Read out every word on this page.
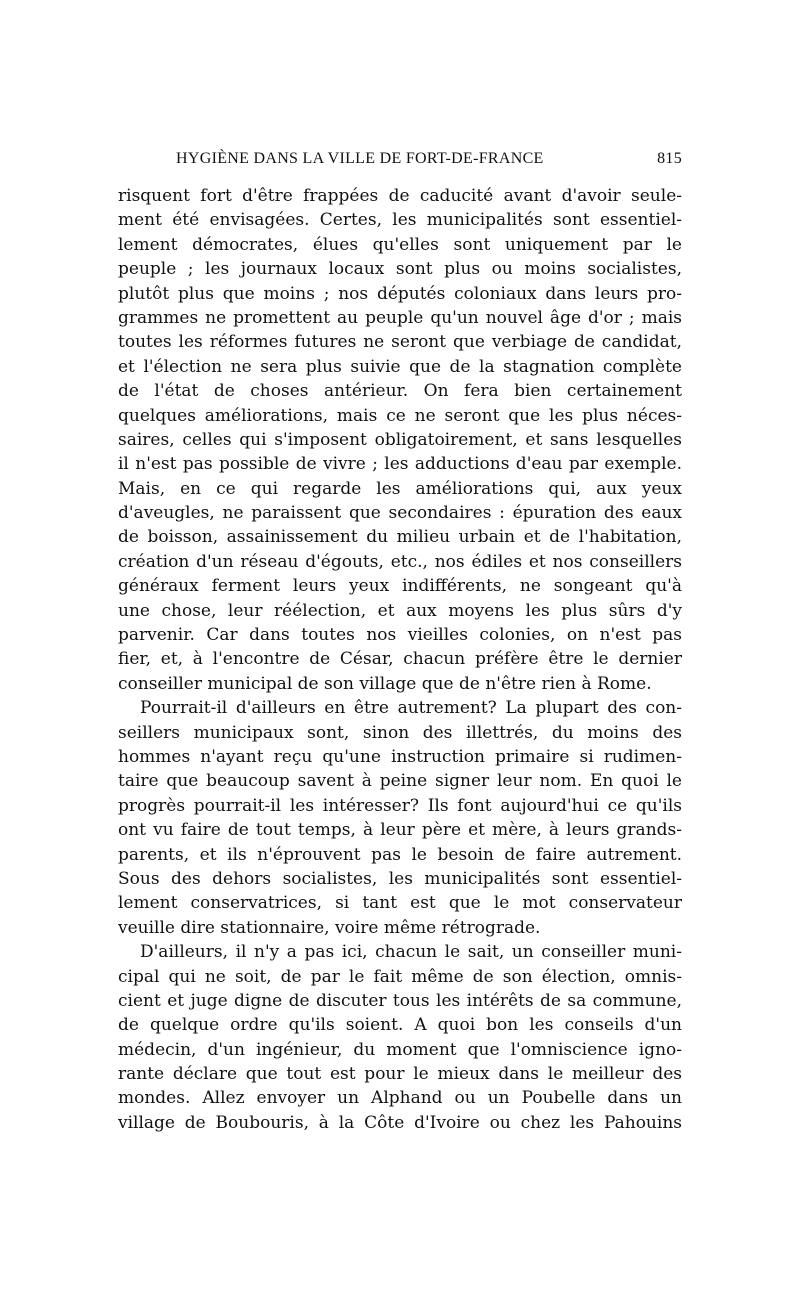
HYGIÈNE DANS LA VILLE DE FORT-DE-FRANCE	815
risquent fort d'être frappées de caducité avant d'avoir seule-
ment été envisagées. Certes, les municipalités sont essentiel-
lement démocrates, élues qu'elles sont uniquement par le
peuple ; les journaux locaux sont plus ou moins socialistes,
plutôt plus que moins ; nos députés coloniaux dans leurs pro-
grammes ne promettent au peuple qu'un nouvel âge d'or ; mais
toutes les réformes futures ne seront que verbiage de candidat,
et l'élection ne sera plus suivie que de la stagnation complète
de l'état de choses antérieur. On fera bien certainement
quelques améliorations, mais ce ne seront que les plus néces-
saires, celles qui s'imposent obligatoirement, et sans lesquelles
il n'est pas possible de vivre ; les adductions d'eau par exemple.
Mais, en ce qui regarde les améliorations qui, aux yeux
d'aveugles, ne paraissent que secondaires : épuration des eaux
de boisson, assainissement du milieu urbain et de l'habitation,
création d'un réseau d'égouts, etc., nos édiles et nos conseillers
généraux ferment leurs yeux indifférents, ne songeant qu'à
une chose, leur réélection, et aux moyens les plus sûrs d'y
parvenir. Car dans toutes nos vieilles colonies, on n'est pas
fier, et, à l'encontre de César, chacun préfère être le dernier
conseiller municipal de son village que de n'être rien à Rome.
Pourrait-il d'ailleurs en être autrement? La plupart des con-
seillers municipaux sont, sinon des illettrés, du moins des
hommes n'ayant reçu qu'une instruction primaire si rudimen-
taire que beaucoup savent à peine signer leur nom. En quoi le
progrès pourrait-il les intéresser? Ils font aujourd'hui ce qu'ils
ont vu faire de tout temps, à leur père et mère, à leurs grands-
parents, et ils n'éprouvent pas le besoin de faire autrement.
Sous des dehors socialistes, les municipalités sont essentiel-
lement conservatrices, si tant est que le mot conservateur
veuille dire stationnaire, voire même rétrograde.
D'ailleurs, il n'y a pas ici, chacun le sait, un conseiller muni-
cipal qui ne soit, de par le fait même de son élection, omnis-
cient et juge digne de discuter tous les intérêts de sa commune,
de quelque ordre qu'ils soient. A quoi bon les conseils d'un
médecin, d'un ingénieur, du moment que l'omniscience igno-
rante déclare que tout est pour le mieux dans le meilleur des
mondes. Allez envoyer un Alphand ou un Poubelle dans un
village de Boubouris, à la Côte d'Ivoire ou chez les Pahouins
